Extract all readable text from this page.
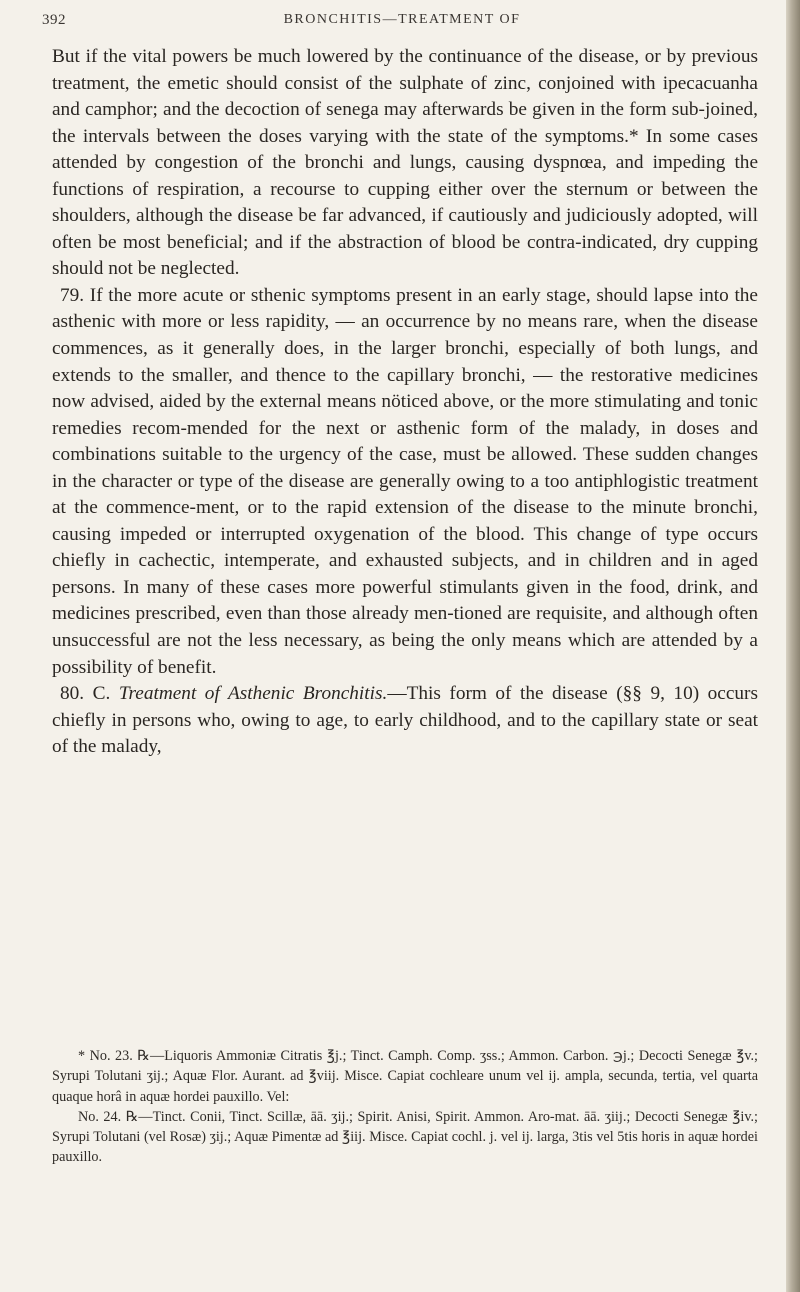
392	BRONCHITIS—TREATMENT OF

But if the vital powers be much lowered by the continuance of the disease, or by previous treatment, the emetic should consist of the sulphate of zinc, conjoined with ipecacuanha and camphor; and the decoction of senega may afterwards be given in the form sub-joined, the intervals between the doses varying with the state of the symptoms.* In some cases attended by congestion of the bronchi and lungs, causing dyspnœa, and impeding the functions of respiration, a recourse to cupping either over the sternum or between the shoulders, although the disease be far advanced, if cautiously and judiciously adopted, will often be most beneficial; and if the abstraction of blood be contra-indicated, dry cupping should not be neglected.

79. If the more acute or sthenic symptoms present in an early stage, should lapse into the asthenic with more or less rapidity, — an occurrence by no means rare, when the disease commences, as it generally does, in the larger bronchi, especially of both lungs, and extends to the smaller, and thence to the capillary bronchi, — the restorative medicines now advised, aided by the external means nöticed above, or the more stimulating and tonic remedies recom-mended for the next or asthenic form of the malady, in doses and combinations suitable to the urgency of the case, must be allowed. These sudden changes in the character or type of the disease are generally owing to a too antiphlogistic treatment at the commence-ment, or to the rapid extension of the disease to the minute bronchi, causing impeded or interrupted oxygenation of the blood. This change of type occurs chiefly in cachectic, intemperate, and exhausted subjects, and in children and in aged persons. In many of these cases more powerful stimulants given in the food, drink, and medicines prescribed, even than those already men-tioned are requisite, and although often unsuccessful are not the less necessary, as being the only means which are attended by a possibility of benefit.

80. C. Treatment of Asthenic Bronchitis.—This form of the disease (§§ 9, 10) occurs chiefly in persons who, owing to age, to early childhood, and to the capillary state or seat of the malady,

* No. 23. ℞—Liquoris Ammoniæ Citratis ℥j.; Tinct. Camph. Comp. ʒss.; Ammon. Carbon. ℈j.; Decocti Senegæ ℥v.; Syrupi Tolutani ʒij.; Aquæ Flor. Aurant. ad ℥viij. Misce. Capiat cochleare unum vel ij. ampla, secunda, tertia, vel quarta quaque horâ in aquæ hordei pauxillo. Vel:

No. 24. ℞—Tinct. Conii, Tinct. Scillæ, āā. ʒij.; Spirit. Anisi, Spirit. Ammon. Aro-mat. āā. ʒiij.; Decocti Senegæ ℥iv.; Syrupi Tolutani (vel Rosæ) ʒij.; Aquæ Pimentæ ad ℥iij. Misce. Capiat cochl. j. vel ij. larga, 3tis vel 5tis horis in aquæ hordei pauxillo.
